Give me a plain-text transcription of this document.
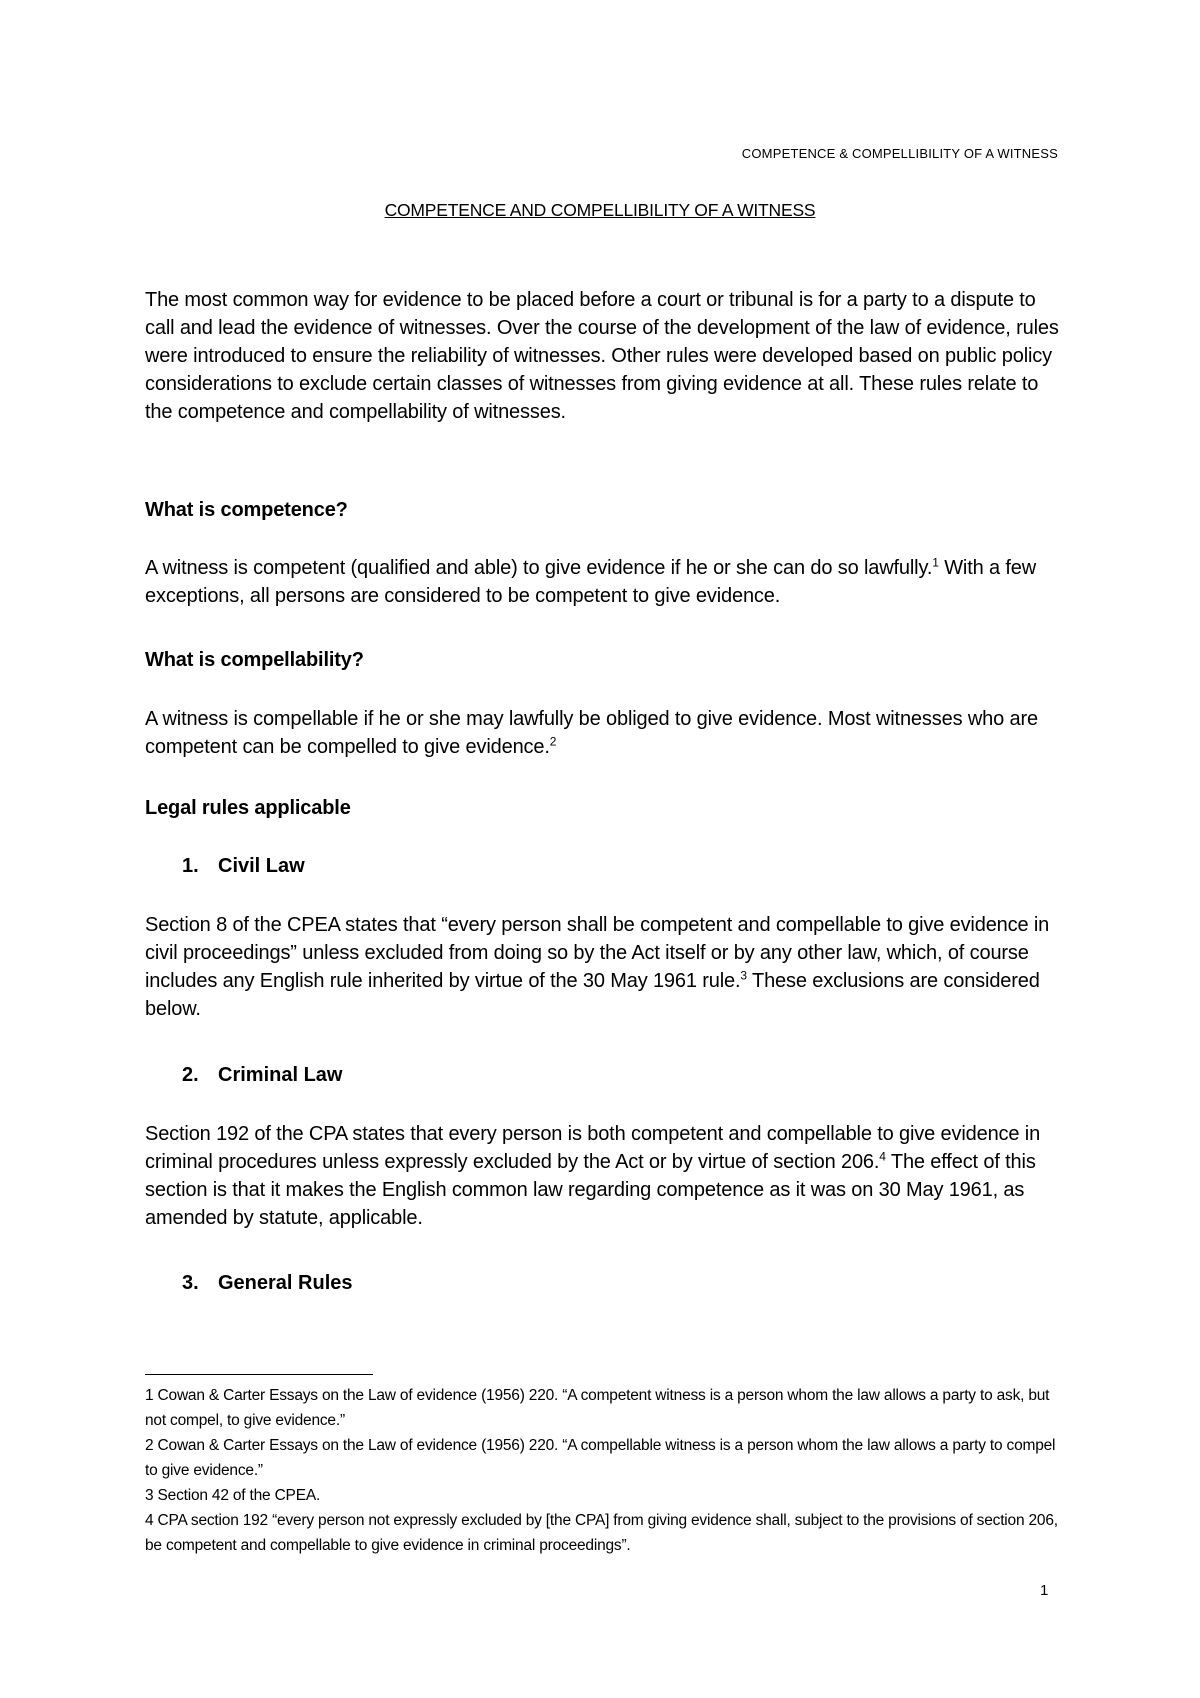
COMPETENCE & COMPELLIBILITY OF A WITNESS
COMPETENCE AND COMPELLIBILITY OF A WITNESS

The most common way for evidence to be placed before a court or tribunal is for a party to a dispute to call and lead the evidence of witnesses. Over the course of the development of the law of evidence, rules were introduced to ensure the reliability of witnesses. Other rules were developed based on public policy considerations to exclude certain classes of witnesses from giving evidence at all. These rules relate to the competence and compellability of witnesses.

What is competence?

A witness is competent (qualified and able) to give evidence if he or she can do so lawfully.$^1$ With a few exceptions, all persons are considered to be competent to give evidence.

What is compellability?

A witness is compellable if he or she may lawfully be obliged to give evidence. Most witnesses who are competent can be compelled to give evidence.$^2$

Legal rules applicable
1. Civil Law

Section 8 of the CPEA states that “every person shall be competent and compellable to give evidence in civil proceedings” unless excluded from doing so by the Act itself or by any other law, which, of course includes any English rule inherited by virtue of the 30 May 1961 rule.$^3$ These exclusions are considered below.

2. Criminal Law

Section 192 of the CPA states that every person is both competent and compellable to give evidence in criminal procedures unless expressly excluded by the Act or by virtue of section 206.$^4$ The effect of this section is that it makes the English common law regarding competence as it was on 30 May 1961, as amended by statute, applicable.

3. General Rules

1 Cowan & Carter Essays on the Law of evidence (1956) 220. “A competent witness is a person whom the law allows a party to ask, but not compel, to give evidence.”

2 Cowan & Carter Essays on the Law of evidence (1956) 220. “A compellable witness is a person whom the law allows a party to compel to give evidence.”

3 Section 42 of the CPEA.

4 CPA section 192 “every person not expressly excluded by [the CPA] from giving evidence shall, subject to the provisions of section 206, be competent and compellable to give evidence in criminal proceedings”.

1
